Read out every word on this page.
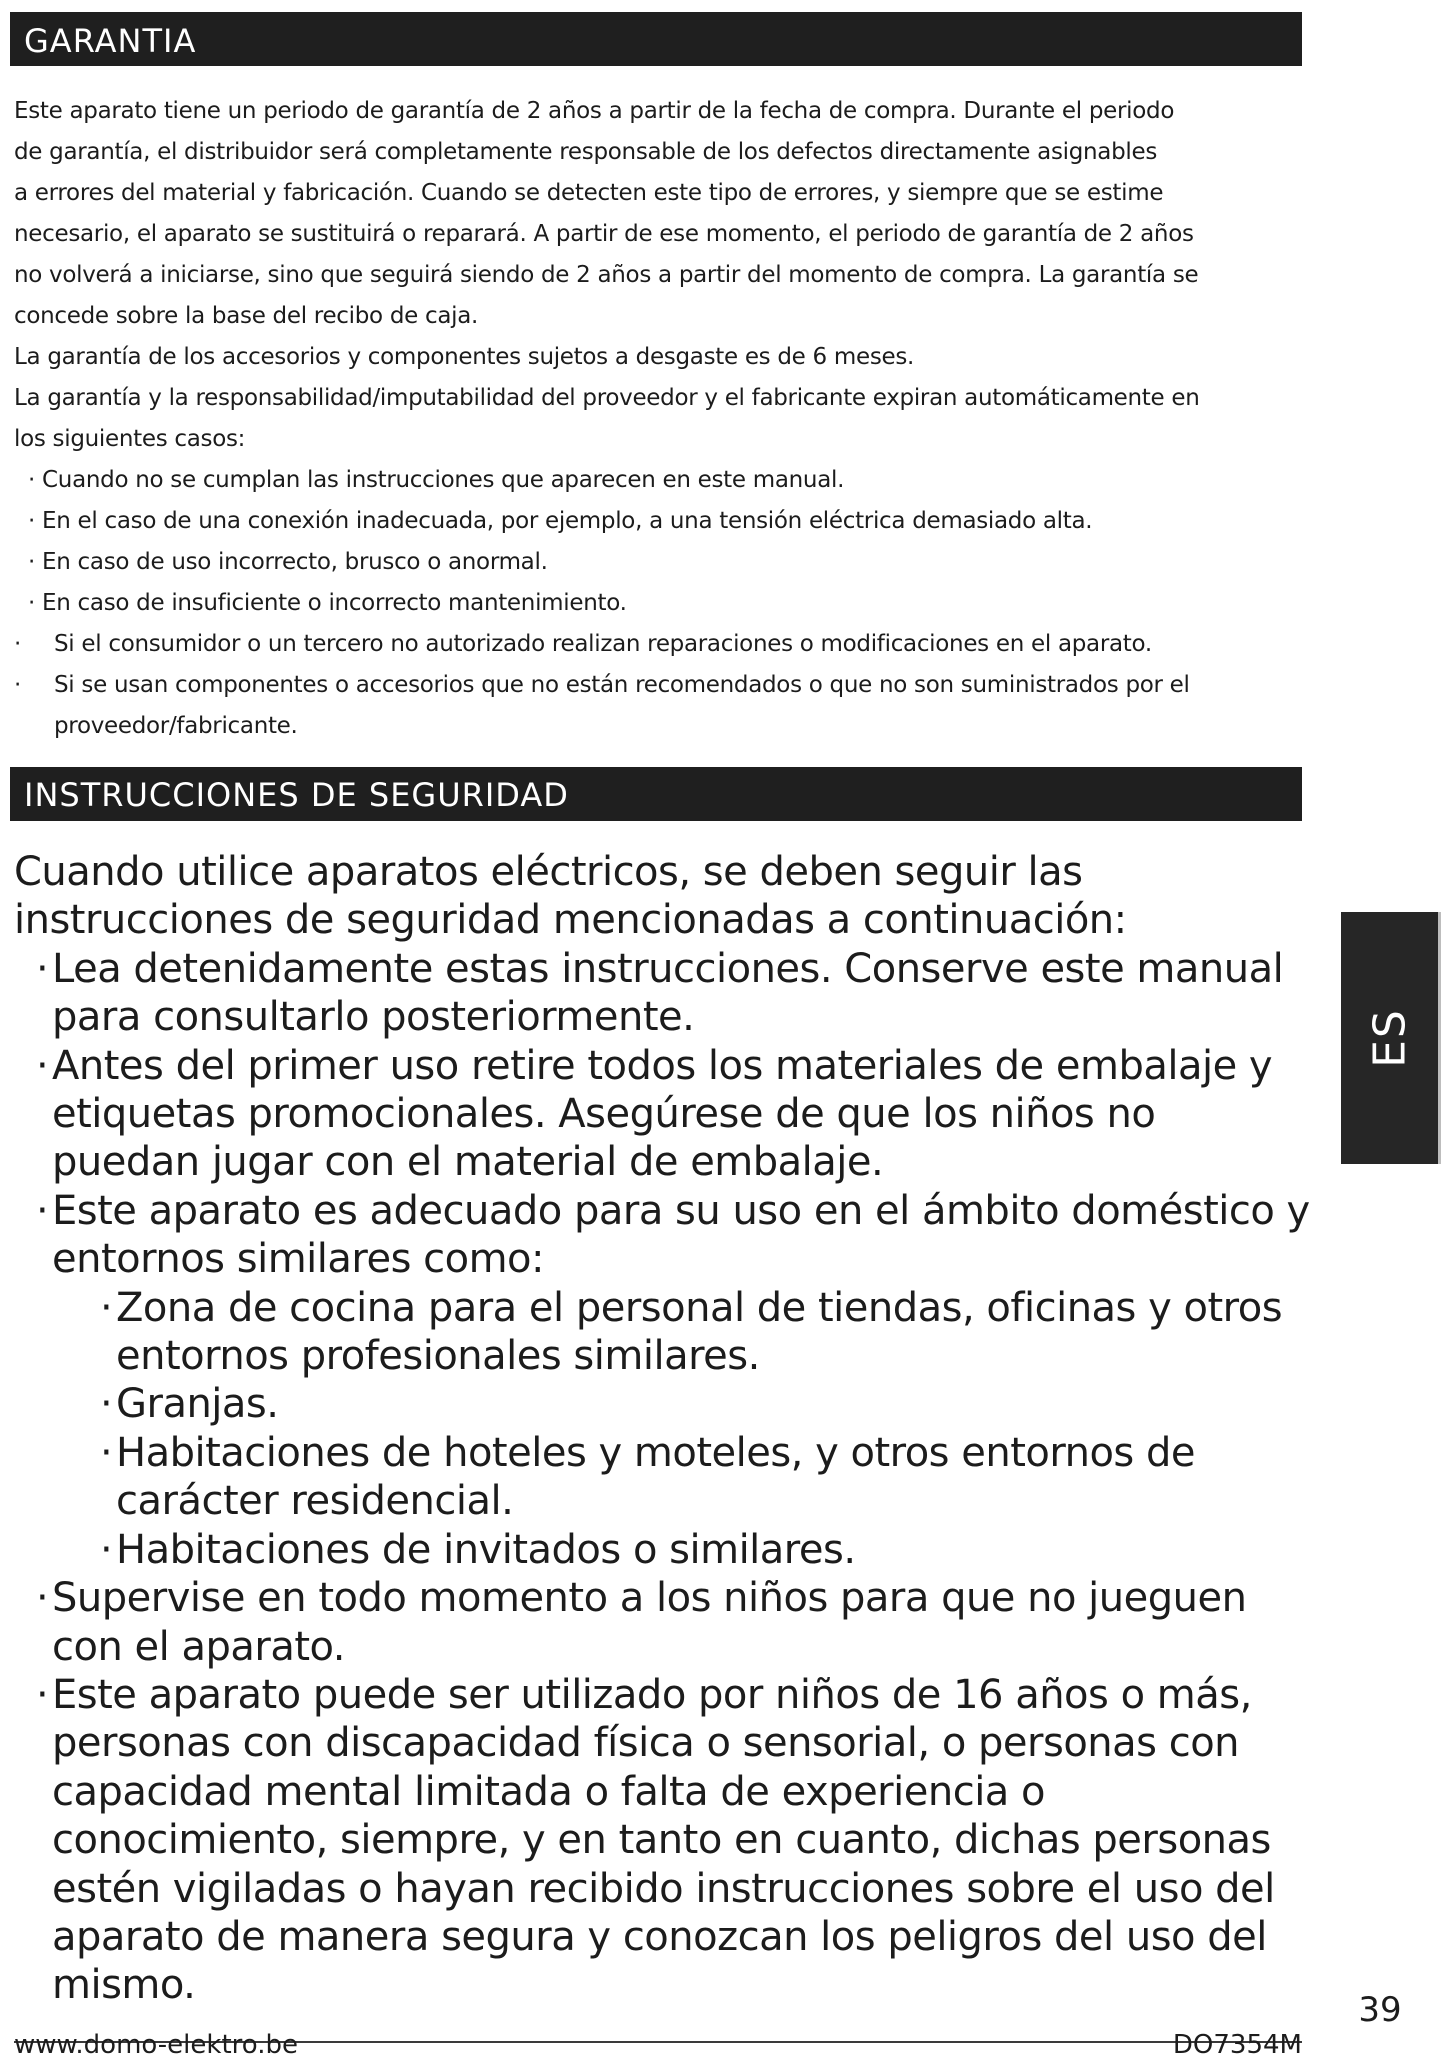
GARANTIA

Este aparato tiene un periodo de garantía de 2 años a partir de la fecha de compra. Durante el periodo

de garantía, el distribuidor será completamente responsable de los defectos directamente asignables

a errores del material y fabricación. Cuando se detecten este tipo de errores, y siempre que se estime

necesario, el aparato se sustituirá o reparará. A partir de ese momento, el periodo de garantía de 2 años

no volverá a iniciarse, sino que seguirá siendo de 2 años a partir del momento de compra. La garantía se

concede sobre la base del recibo de caja.

La garantía de los accesorios y componentes sujetos a desgaste es de 6 meses.

La garantía y la responsabilidad/imputabilidad del proveedor y el fabricante expiran automáticamente en

los siguientes casos:

· Cuando no se cumplan las instrucciones que aparecen en este manual.

· En el caso de una conexión inadecuada, por ejemplo, a una tensión eléctrica demasiado alta.

· En caso de uso incorrecto, brusco o anormal.

· En caso de insuficiente o incorrecto mantenimiento.

· Si el consumidor o un tercero no autorizado realizan reparaciones o modificaciones en el aparato.

· Si se usan componentes o accesorios que no están recomendados o que no son suministrados por el proveedor/fabricante.

INSTRUCCIONES DE SEGURIDAD

Cuando utilice aparatos eléctricos, se deben seguir las instrucciones de seguridad mencionadas a continuación:

· Lea detenidamente estas instrucciones. Conserve este manual para consultarlo posteriormente.

· Antes del primer uso retire todos los materiales de embalaje y etiquetas promocionales. Asegúrese de que los niños no puedan jugar con el material de embalaje.

· Este aparato es adecuado para su uso en el ámbito doméstico y entornos similares como:

· Zona de cocina para el personal de tiendas, oficinas y otros entornos profesionales similares.

· Granjas.

· Habitaciones de hoteles y moteles, y otros entornos de carácter residencial.

· Habitaciones de invitados o similares.

· Supervise en todo momento a los niños para que no jueguen con el aparato.

· Este aparato puede ser utilizado por niños de 16 años o más, personas con discapacidad física o sensorial, o personas con capacidad mental limitada o falta de experiencia o conocimiento, siempre, y en tanto en cuanto, dichas personas estén vigiladas o hayan recibido instrucciones sobre el uso del aparato de manera segura y conozcan los peligros del uso del mismo.

ES
39
www.domo-elektro.be	DO7354M
